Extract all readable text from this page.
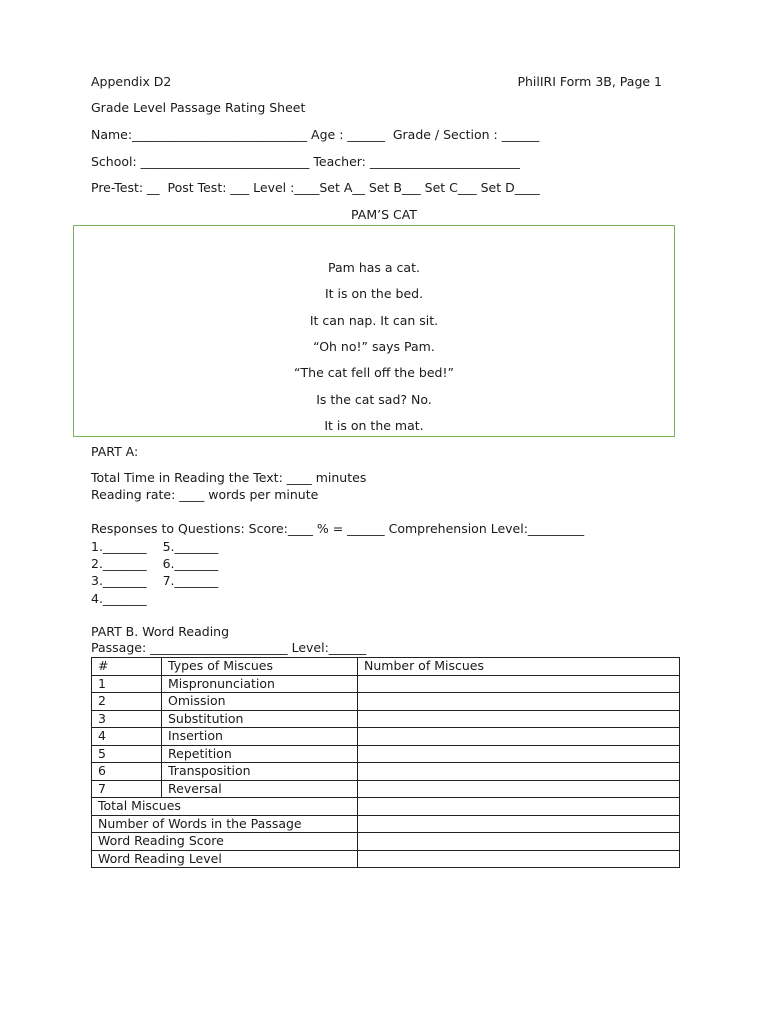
Appendix D2	PhilIRI Form 3B, Page 1
Grade Level Passage Rating Sheet
Name:____________________________ Age : ______  Grade / Section : ______
School: ___________________________ Teacher: ________________________
Pre-Test: __  Post Test: ___ Level :____Set A__ Set B___ Set C___ Set D____
PAM’S CAT
Pam has a cat.
It is on the bed.
It can nap. It can sit.
“Oh no!” says Pam.
“The cat fell off the bed!”
Is the cat sad? No.
It is on the mat.
PART A:
Total Time in Reading the Text: ____ minutes
Reading rate: ____ words per minute
Responses to Questions: Score:____ % = ______ Comprehension Level:_________
1._______    5._______
2._______    6._______
3._______    7._______
4._______
PART B. Word Reading
Passage: ______________________ Level:______
#	Types of Miscues	Number of Miscues
1	Mispronunciation	
2	Omission	
3	Substitution	
4	Insertion	
5	Repetition	
6	Transposition	
7	Reversal	
Total Miscues		
Number of Words in the Passage		
Word Reading Score		
Word Reading Level		
